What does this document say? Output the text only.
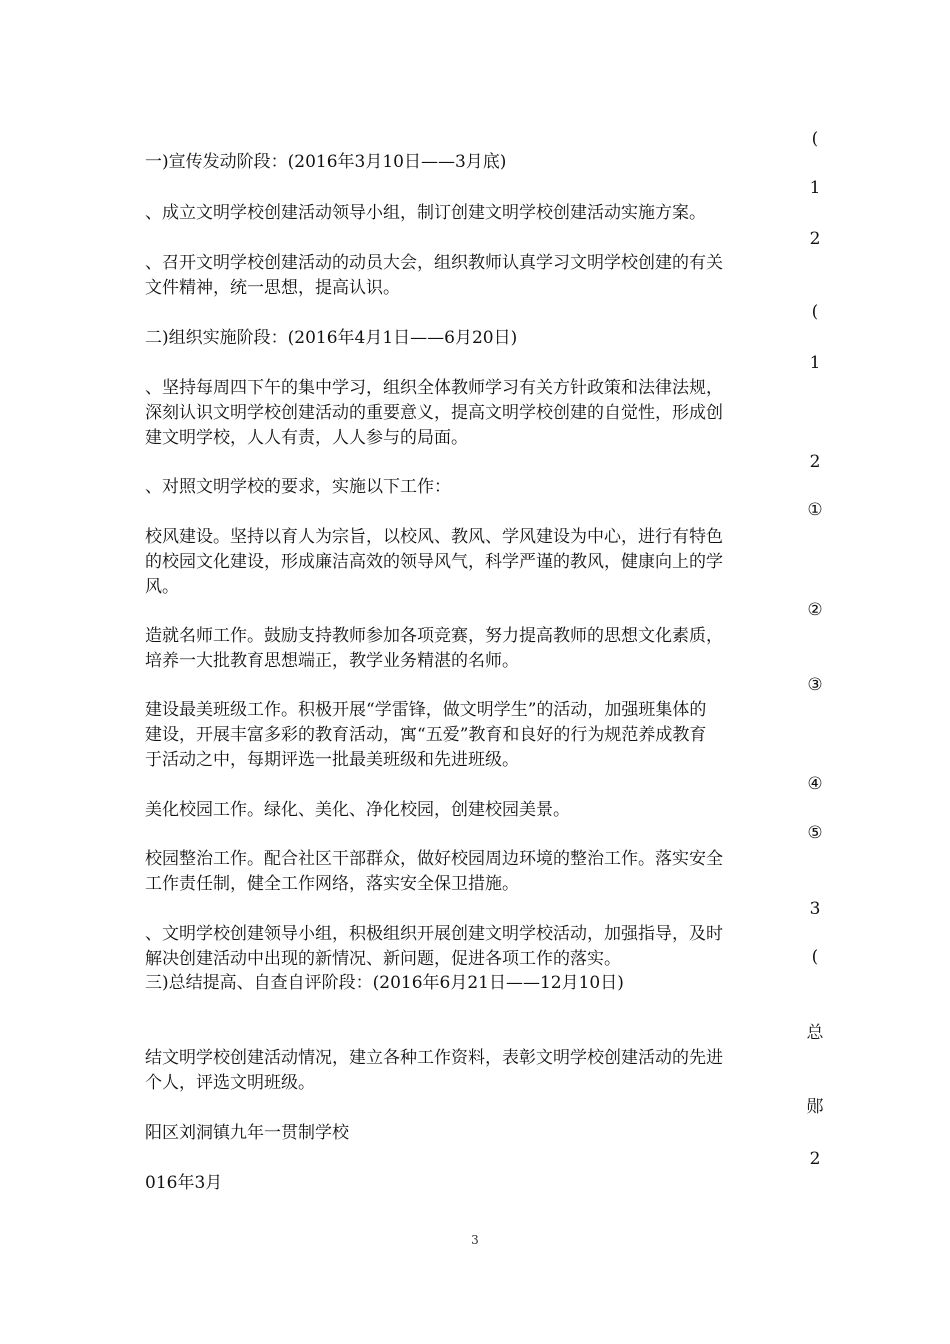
(
一)宣传发动阶段：(2016年3月10日——3月底)
1
、成立文明学校创建活动领导小组，制订创建文明学校创建活动实施方案。
2
、召开文明学校创建活动的动员大会，组织教师认真学习文明学校创建的有关
文件精神，统一思想，提高认识。
(
二)组织实施阶段：(2016年4月1日——6月20日)
1
、坚持每周四下午的集中学习，组织全体教师学习有关方针政策和法律法规，
深刻认识文明学校创建活动的重要意义，提高文明学校创建的自觉性，形成创
建文明学校，人人有责，人人参与的局面。
2
、对照文明学校的要求，实施以下工作：
①
校风建设。坚持以育人为宗旨，以校风、教风、学风建设为中心，进行有特色
的校园文化建设，形成廉洁高效的领导风气，科学严谨的教风，健康向上的学
风。
②
造就名师工作。鼓励支持教师参加各项竞赛，努力提高教师的思想文化素质，
培养一大批教育思想端正，教学业务精湛的名师。
③
建设最美班级工作。积极开展“学雷锋，做文明学生”的活动，加强班集体的
建设，开展丰富多彩的教育活动，寓“五爱”教育和良好的行为规范养成教育
于活动之中，每期评选一批最美班级和先进班级。
④
美化校园工作。绿化、美化、净化校园，创建校园美景。
⑤
校园整治工作。配合社区干部群众，做好校园周边环境的整治工作。落实安全
工作责任制，健全工作网络，落实安全保卫措施。
3
、文明学校创建领导小组，积极组织开展创建文明学校活动，加强指导，及时
解决创建活动中出现的新情况、新问题，促进各项工作的落实。	(
三)总结提高、自查自评阶段：(2016年6月21日——12月10日)
总
结文明学校创建活动情况，建立各种工作资料，表彰文明学校创建活动的先进
个人，评选文明班级。
郧
阳区刘洞镇九年一贯制学校
2
016年3月
3
